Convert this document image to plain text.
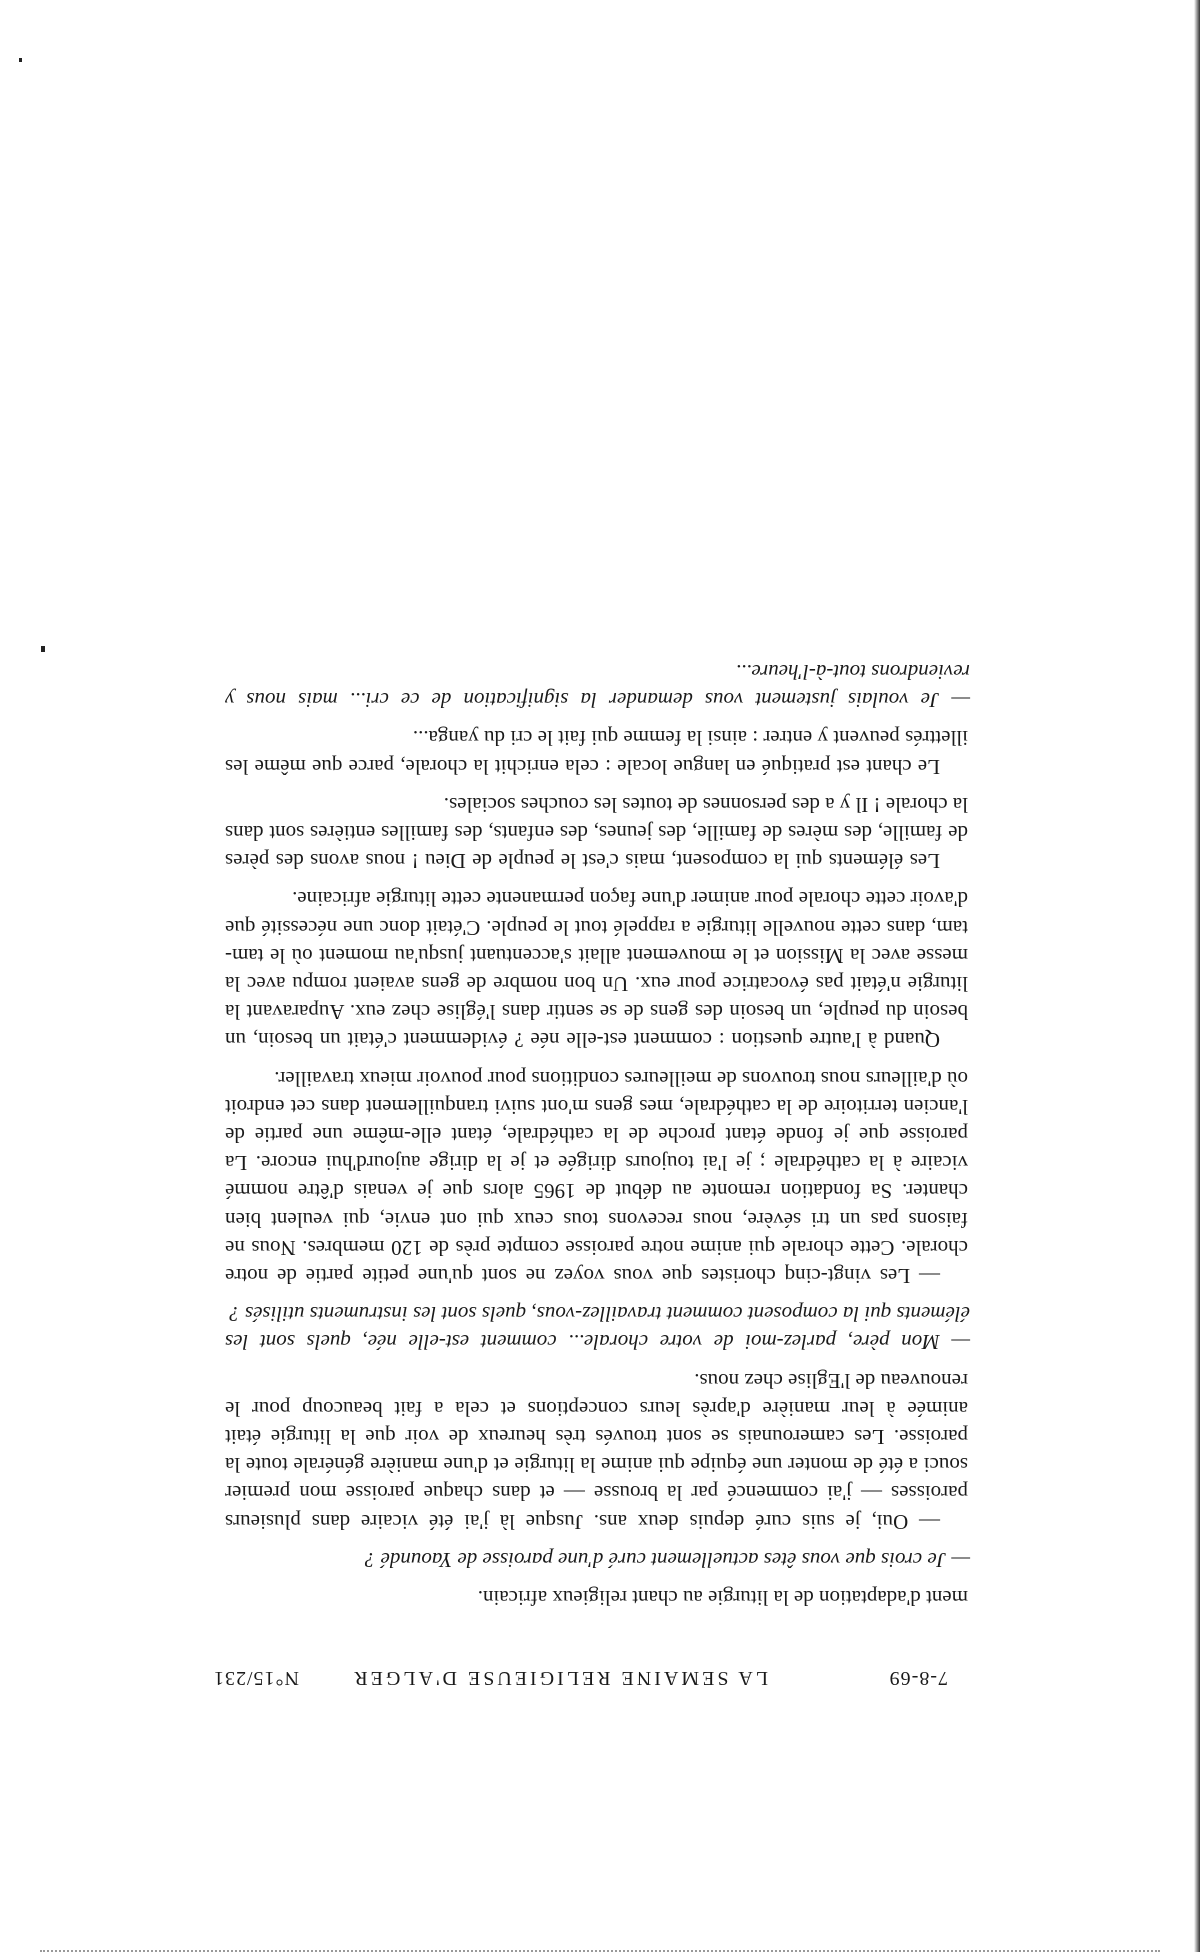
7-8-69
LA SEMAINE RELIGIEUSE D'ALGER
N°15/231

ment d'adaptation de la liturgie au chant religieux africain.

— Je crois que vous êtes actuellement curé d'une paroisse de Yaoundé ?

— Oui, je suis curé depuis deux ans. Jusque là j'ai été vicaire dans plusieurs paroisses — j'ai commencé par la brousse — et dans chaque paroisse mon premier souci a été de monter une équipe qui anime la liturgie et d'une manière générale toute la paroisse. Les camerounais se sont trouvés très heureux de voir que la liturgie était animée à leur manière d'après leurs conceptions et cela a fait beaucoup pour le renouveau de l'Eglise chez nous.

— Mon père, parlez-moi de votre chorale... comment est-elle née, quels sont les éléments qui la composent comment travaillez-vous, quels sont les instruments utilisés ?

— Les vingt-cinq choristes que vous voyez ne sont qu'une petite partie de notre chorale. Cette chorale qui anime notre paroisse compte près de 120 membres. Nous ne faisons pas un tri sévère, nous recevons tous ceux qui ont envie, qui veulent bien chanter. Sa fondation remonte au début de 1965 alors que je venais d'être nommé vicaire à la cathédrale ; je l'ai toujours dirigée et je la dirige aujourd'hui encore. La paroisse que je fonde étant proche de la cathédrale, étant elle-même une partie de l'ancien territoire de la cathédrale, mes gens m'ont suivi tranquillement dans cet endroit où d'ailleurs nous trouvons de meilleures conditions pour pouvoir mieux travailler.

Quand à l'autre question : comment est-elle née ? évidemment c'était un besoin, un besoin du peuple, un besoin des gens de se sentir dans l'église chez eux. Auparavant la liturgie n'était pas évocatrice pour eux. Un bon nombre de gens avaient rompu avec la messe avec la Mission et le mouvement allait s'accentuant jusqu'au moment où le tam-tam, dans cette nouvelle liturgie a rappelé tout le peuple. C'était donc une nécessité que d'avoir cette chorale pour animer d'une façon permanente cette liturgie africaine.

Les éléments qui la composent, mais c'est le peuple de Dieu ! nous avons des pères de famille, des mères de famille, des jeunes, des enfants, des familles entières sont dans la chorale ! Il y a des personnes de toutes les couches sociales.

Le chant est pratiqué en langue locale : cela enrichit la chorale, parce que même les illettrés peuvent y entrer : ainsi la femme qui fait le cri du yanga...

— Je voulais justement vous demander la signification de ce cri... mais nous y reviendrons tout-à-l'heure...
